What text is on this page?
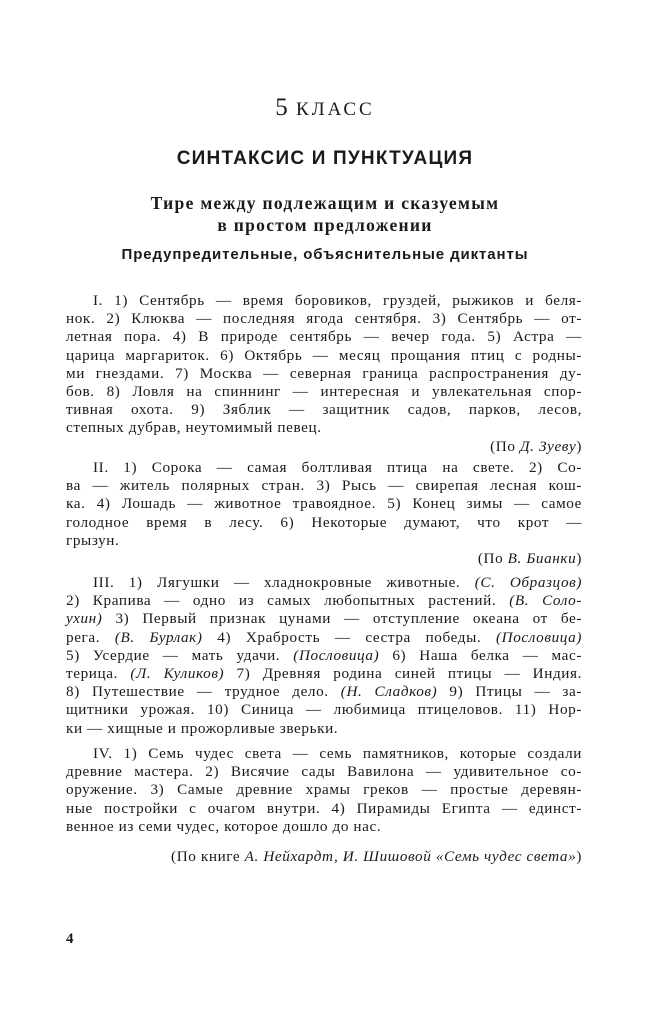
5 КЛАСС
СИНТАКСИС И ПУНКТУАЦИЯ
Тире между подлежащим и сказуемым
в простом предложении
Предупредительные, объяснительные диктанты
I. 1) Сентябрь — время боровиков, груздей, рыжиков и беля-
нок. 2) Клюква — последняя ягода сентября. 3) Сентябрь — от-
летная пора. 4) В природе сентябрь — вечер года. 5) Астра —
царица маргариток. 6) Октябрь — месяц прощания птиц с родны-
ми гнездами. 7) Москва — северная граница распространения ду-
бов. 8) Ловля на спиннинг — интересная и увлекательная спор-
тивная охота. 9) Зяблик — защитник садов, парков, лесов,
степных дубрав, неутомимый певец.
(По Д. Зуеву)
II. 1) Сорока — самая болтливая птица на свете. 2) Со-
ва — житель полярных стран. 3) Рысь — свирепая лесная кош-
ка. 4) Лошадь — животное травоядное. 5) Конец зимы — самое
голодное время в лесу. 6) Некоторые думают, что крот —
грызун.
(По В. Бианки)
III. 1) Лягушки — хладнокровные животные. (С. Образцов)
2) Крапива — одно из самых любопытных растений. (В. Соло-
ухин) 3) Первый признак цунами — отступление океана от бе-
рега. (В. Бурлак) 4) Храбрость — сестра победы. (Пословица)
5) Усердие — мать удачи. (Пословица) 6) Наша белка — мас-
терица. (Л. Куликов) 7) Древняя родина синей птицы — Индия.
8) Путешествие — трудное дело. (Н. Сладков) 9) Птицы — за-
щитники урожая. 10) Синица — любимица птицеловов. 11) Нор-
ки — хищные и прожорливые зверьки.
IV. 1) Семь чудес света — семь памятников, которые создали
древние мастера. 2) Висячие сады Вавилона — удивительное со-
оружение. 3) Самые древние храмы греков — простые деревян-
ные постройки с очагом внутри. 4) Пирамиды Египта — единст-
венное из семи чудес, которое дошло до нас.
(По книге А. Нейхардт, И. Шишовой «Семь чудес света»)
4
